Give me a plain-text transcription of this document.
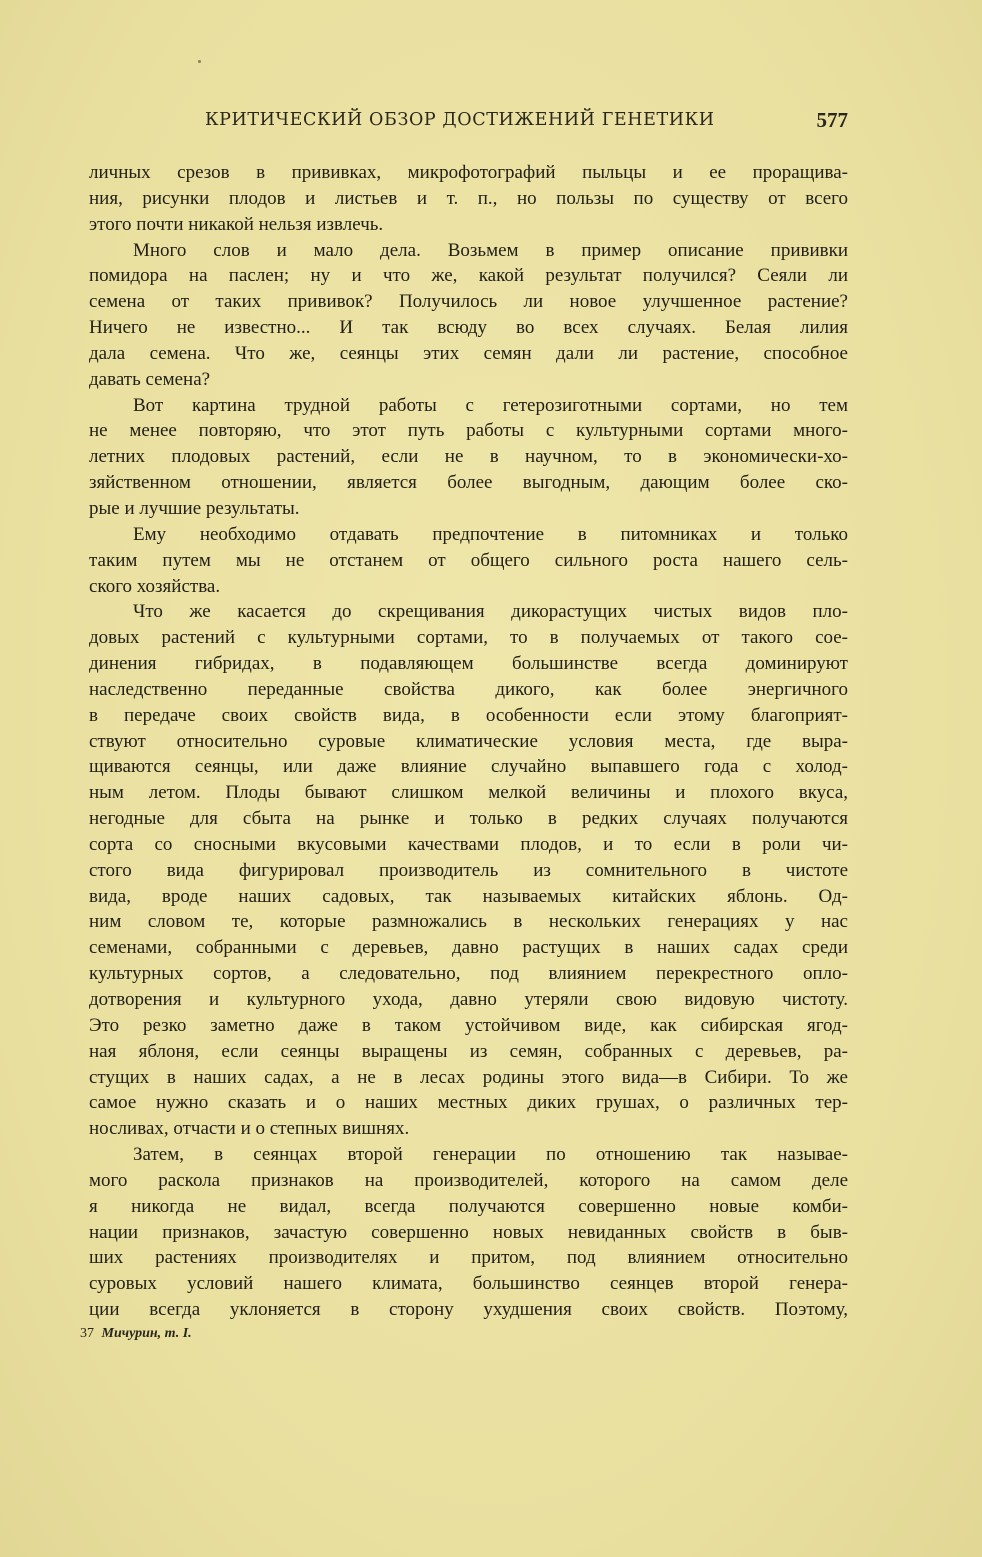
КРИТИЧЕСКИЙ ОБЗОР ДОСТИЖЕНИЙ ГЕНЕТИКИ	577
личных срезов в прививках, микрофотографий пыльцы и ее проращива-
ния, рисунки плодов и листьев и т. п., но пользы по существу от всего
этого почти никакой нельзя извлечь.
Много слов и мало дела. Возьмем в пример описание прививки
помидора на паслен; ну и что же, какой результат получился? Сеяли ли
семена от таких прививок? Получилось ли новое улучшенное растение?
Ничего не известно... И так всюду во всех случаях. Белая лилия
дала семена. Что же, сеянцы этих семян дали ли растение, способное
давать семена?
Вот картина трудной работы с гетерозиготными сортами, но тем
не менее повторяю, что этот путь работы с культурными сортами много-
летних плодовых растений, если не в научном, то в экономически-хо-
зяйственном отношении, является более выгодным, дающим более ско-
рые и лучшие результаты.
Ему необходимо отдавать предпочтение в питомниках и только
таким путем мы не отстанем от общего сильного роста нашего сель-
ского хозяйства.
Что же касается до скрещивания дикорастущих чистых видов пло-
довых растений с культурными сортами, то в получаемых от такого сое-
динения гибридах, в подавляющем большинстве всегда доминируют
наследственно переданные свойства дикого, как более энергичного
в передаче своих свойств вида, в особенности если этому благоприят-
ствуют относительно суровые климатические условия места, где выра-
щиваются сеянцы, или даже влияние случайно выпавшего года с холод-
ным летом. Плоды бывают слишком мелкой величины и плохого вкуса,
негодные для сбыта на рынке и только в редких случаях получаются
сорта со сносными вкусовыми качествами плодов, и то если в роли чи-
стого вида фигурировал производитель из сомнительного в чистоте
вида, вроде наших садовых, так называемых китайских яблонь. Од-
ним словом те, которые размножались в нескольких генерациях у нас
семенами, собранными с деревьев, давно растущих в наших садах среди
культурных сортов, а следовательно, под влиянием перекрестного опло-
дотворения и культурного ухода, давно утеряли свою видовую чистоту.
Это резко заметно даже в таком устойчивом виде, как сибирская ягод-
ная яблоня, если сеянцы выращены из семян, собранных с деревьев, ра-
стущих в наших садах, а не в лесах родины этого вида—в Сибири. То же
самое нужно сказать и о наших местных диких грушах, о различных тер-
носливах, отчасти и о степных вишнях.
Затем, в сеянцах второй генерации по отношению так называе-
мого раскола признаков на производителей, которого на самом деле
я никогда не видал, всегда получаются совершенно новые комби-
нации признаков, зачастую совершенно новых невиданных свойств в быв-
ших растениях производителях и притом, под влиянием относительно
суровых условий нашего климата, большинство сеянцев второй генера-
ции всегда уклоняется в сторону ухудшения своих свойств. Поэтому,
37 Мичурин, т. I.
